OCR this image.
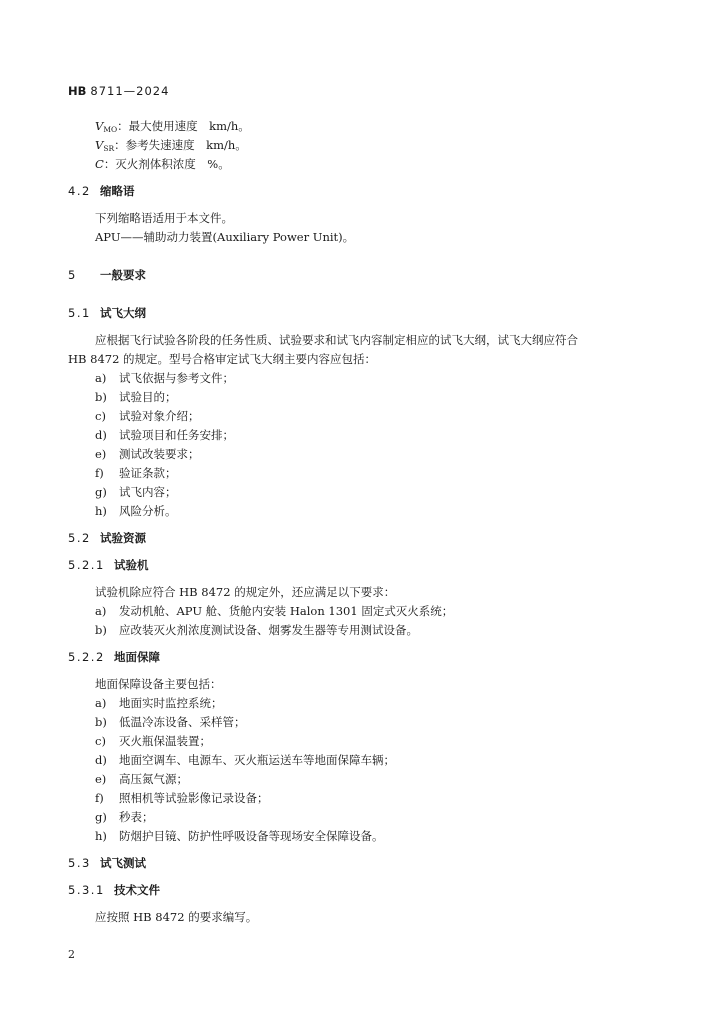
HB 8711—2024
$V_{MO}$：最大使用速度　km/h。
$V_{SR}$：参考失速速度　km/h。
C：灭火剂体积浓度　%。
4.2 缩略语
下列缩略语适用于本文件。
APU——辅助动力装置(Auxiliary Power Unit)。
5 一般要求
5.1 试飞大纲
应根据飞行试验各阶段的任务性质、试验要求和试飞内容制定相应的试飞大纲，试飞大纲应符合
HB 8472 的规定。型号合格审定试飞大纲主要内容应包括：
a) 试飞依据与参考文件；
b) 试验目的；
c) 试验对象介绍；
d) 试验项目和任务安排；
e) 测试改装要求；
f) 验证条款；
g) 试飞内容；
h) 风险分析。
5.2 试验资源
5.2.1 试验机
试验机除应符合 HB 8472 的规定外，还应满足以下要求：
a) 发动机舱、APU 舱、货舱内安装 Halon 1301 固定式灭火系统；
b) 应改装灭火剂浓度测试设备、烟雾发生器等专用测试设备。
5.2.2 地面保障
地面保障设备主要包括：
a) 地面实时监控系统；
b) 低温冷冻设备、采样管；
c) 灭火瓶保温装置；
d) 地面空调车、电源车、灭火瓶运送车等地面保障车辆；
e) 高压氮气源；
f) 照相机等试验影像记录设备；
g) 秒表；
h) 防烟护目镜、防护性呼吸设备等现场安全保障设备。
5.3 试飞测试
5.3.1 技术文件
应按照 HB 8472 的要求编写。
2
